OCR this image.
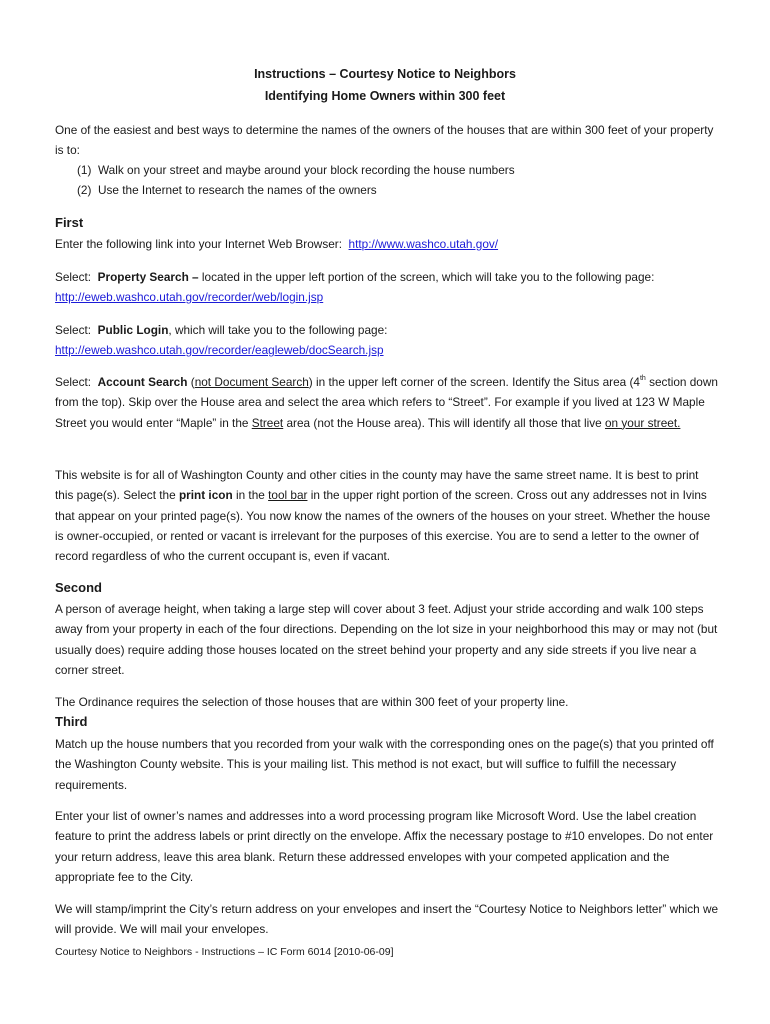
Instructions – Courtesy Notice to Neighbors
Identifying Home Owners within 300 feet
One of the easiest and best ways to determine the names of the owners of the houses that are within 300 feet of your property is to:
(1) Walk on your street and maybe around your block recording the house numbers
(2) Use the Internet to research the names of the owners
First
Enter the following link into your Internet Web Browser: http://www.washco.utah.gov/
Select: Property Search – located in the upper left portion of the screen, which will take you to the following page:
http://eweb.washco.utah.gov/recorder/web/login.jsp
Select: Public Login, which will take you to the following page:
http://eweb.washco.utah.gov/recorder/eagleweb/docSearch.jsp
Select: Account Search (not Document Search) in the upper left corner of the screen. Identify the Situs area (4th section down from the top). Skip over the House area and select the area which refers to “Street”. For example if you lived at 123 W Maple Street you would enter “Maple” in the Street area (not the House area). This will identify all those that live on your street.
This website is for all of Washington County and other cities in the county may have the same street name. It is best to print this page(s). Select the print icon in the tool bar in the upper right portion of the screen. Cross out any addresses not in Ivins that appear on your printed page(s). You now know the names of the owners of the houses on your street. Whether the house is owner-occupied, or rented or vacant is irrelevant for the purposes of this exercise. You are to send a letter to the owner of record regardless of who the current occupant is, even if vacant.
Second
A person of average height, when taking a large step will cover about 3 feet. Adjust your stride according and walk 100 steps away from your property in each of the four directions. Depending on the lot size in your neighborhood this may or may not (but usually does) require adding those houses located on the street behind your property and any side streets if you live near a corner street.
The Ordinance requires the selection of those houses that are within 300 feet of your property line.
Third
Match up the house numbers that you recorded from your walk with the corresponding ones on the page(s) that you printed off the Washington County website. This is your mailing list. This method is not exact, but will suffice to fulfill the necessary requirements.
Enter your list of owner’s names and addresses into a word processing program like Microsoft Word. Use the label creation feature to print the address labels or print directly on the envelope. Affix the necessary postage to #10 envelopes. Do not enter your return address, leave this area blank. Return these addressed envelopes with your competed application and the appropriate fee to the City.
We will stamp/imprint the City’s return address on your envelopes and insert the “Courtesy Notice to Neighbors letter” which we will provide. We will mail your envelopes.
Courtesy Notice to Neighbors - Instructions – IC Form 6014 [2010-06-09]
